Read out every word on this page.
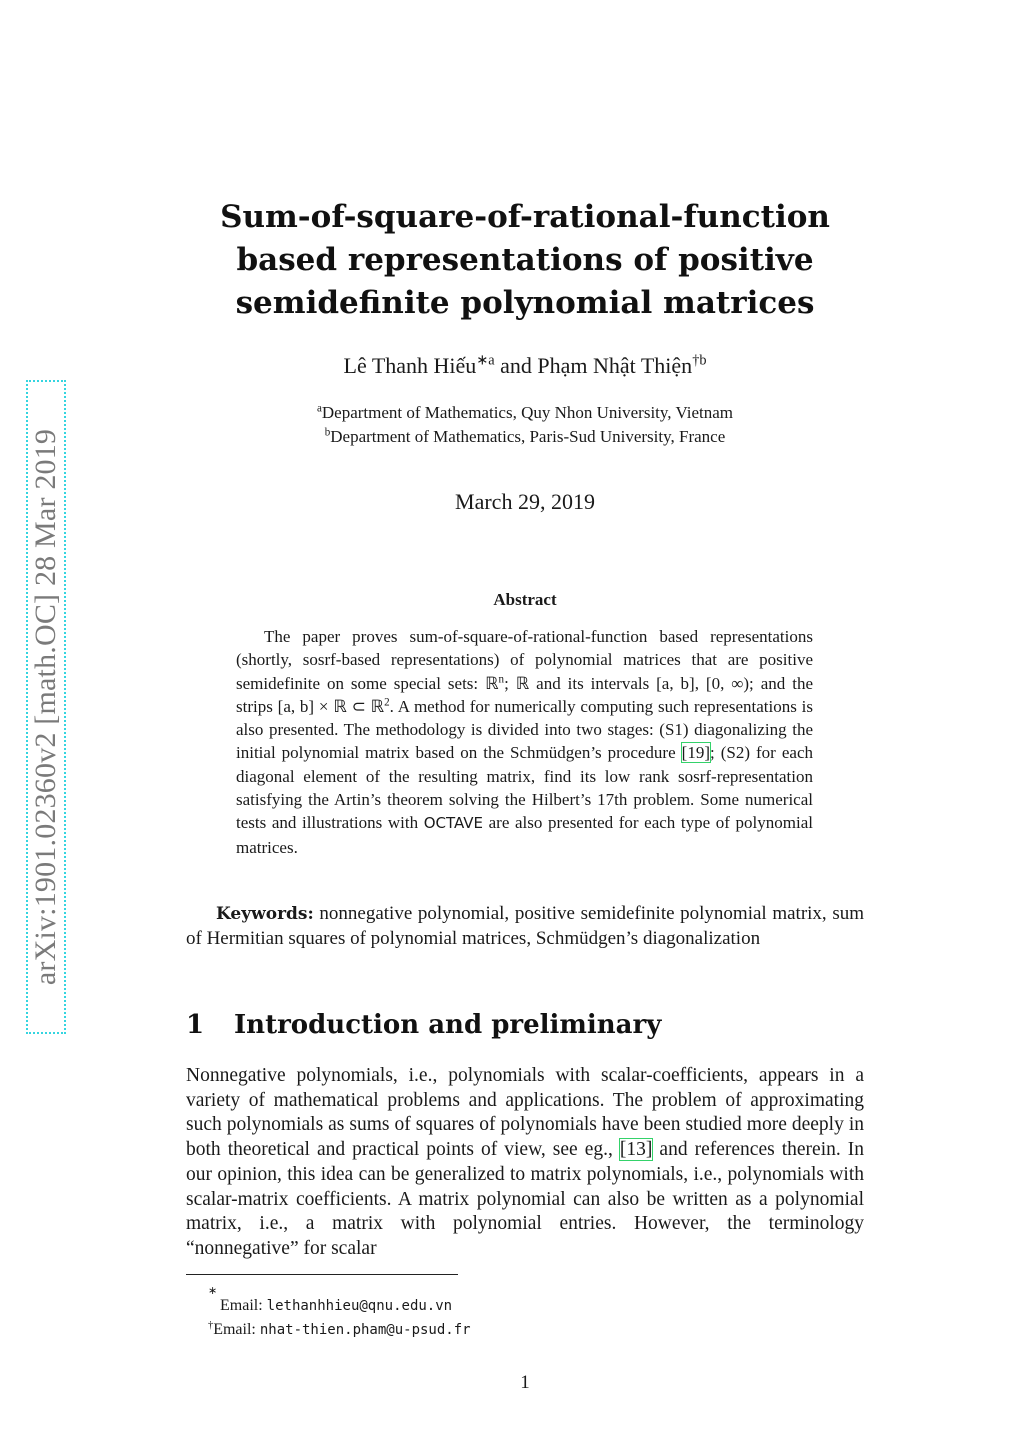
arXiv:1901.02360v2 [math.OC] 28 Mar 2019
Sum-of-square-of-rational-function
based representations of positive
semidefinite polynomial matrices
Lê Thanh Hiếu$^{∗a}$ and Phạm Nhật Thiện$^{\dagger b}$
$^a$Department of Mathematics, Quy Nhon University, Vietnam
$^b$Department of Mathematics, Paris-Sud University, France
March 29, 2019
Abstract
The paper proves sum-of-square-of-rational-function based representations (shortly, sosrf-based representations) of polynomial matrices that are positive semidefinite on some special sets: ℝ$^n$; ℝ and its intervals [a, b], [0, ∞); and the strips [a, b] × ℝ ⊂ ℝ$^2$. A method for numerically computing such representations is also presented. The methodology is divided into two stages: (S1) diagonalizing the initial polynomial matrix based on the Schmüdgen’s procedure [19]; (S2) for each diagonal element of the resulting matrix, find its low rank sosrf-representation satisfying the Artin’s theorem solving the Hilbert’s 17th problem. Some numerical tests and illustrations with OCTAVE are also presented for each type of polynomial matrices.
Keywords: nonnegative polynomial, positive semidefinite polynomial matrix, sum of Hermitian squares of polynomial matrices, Schmüdgen’s diagonalization
1 Introduction and preliminary
Nonnegative polynomials, i.e., polynomials with scalar-coefficients, appears in a variety of mathematical problems and applications. The problem of approximating such polynomials as sums of squares of polynomials have been studied more deeply in both theoretical and practical points of view, see eg., [13] and references therein. In our opinion, this idea can be generalized to matrix polynomials, i.e., polynomials with scalar-matrix coefficients. A matrix polynomial can also be written as a polynomial matrix, i.e., a matrix with polynomial entries. However, the terminology “nonnegative” for scalar
∗
Email: lethanhhieu@qnu.edu.vn
†Email: nhat-thien.pham@u-psud.fr
1
